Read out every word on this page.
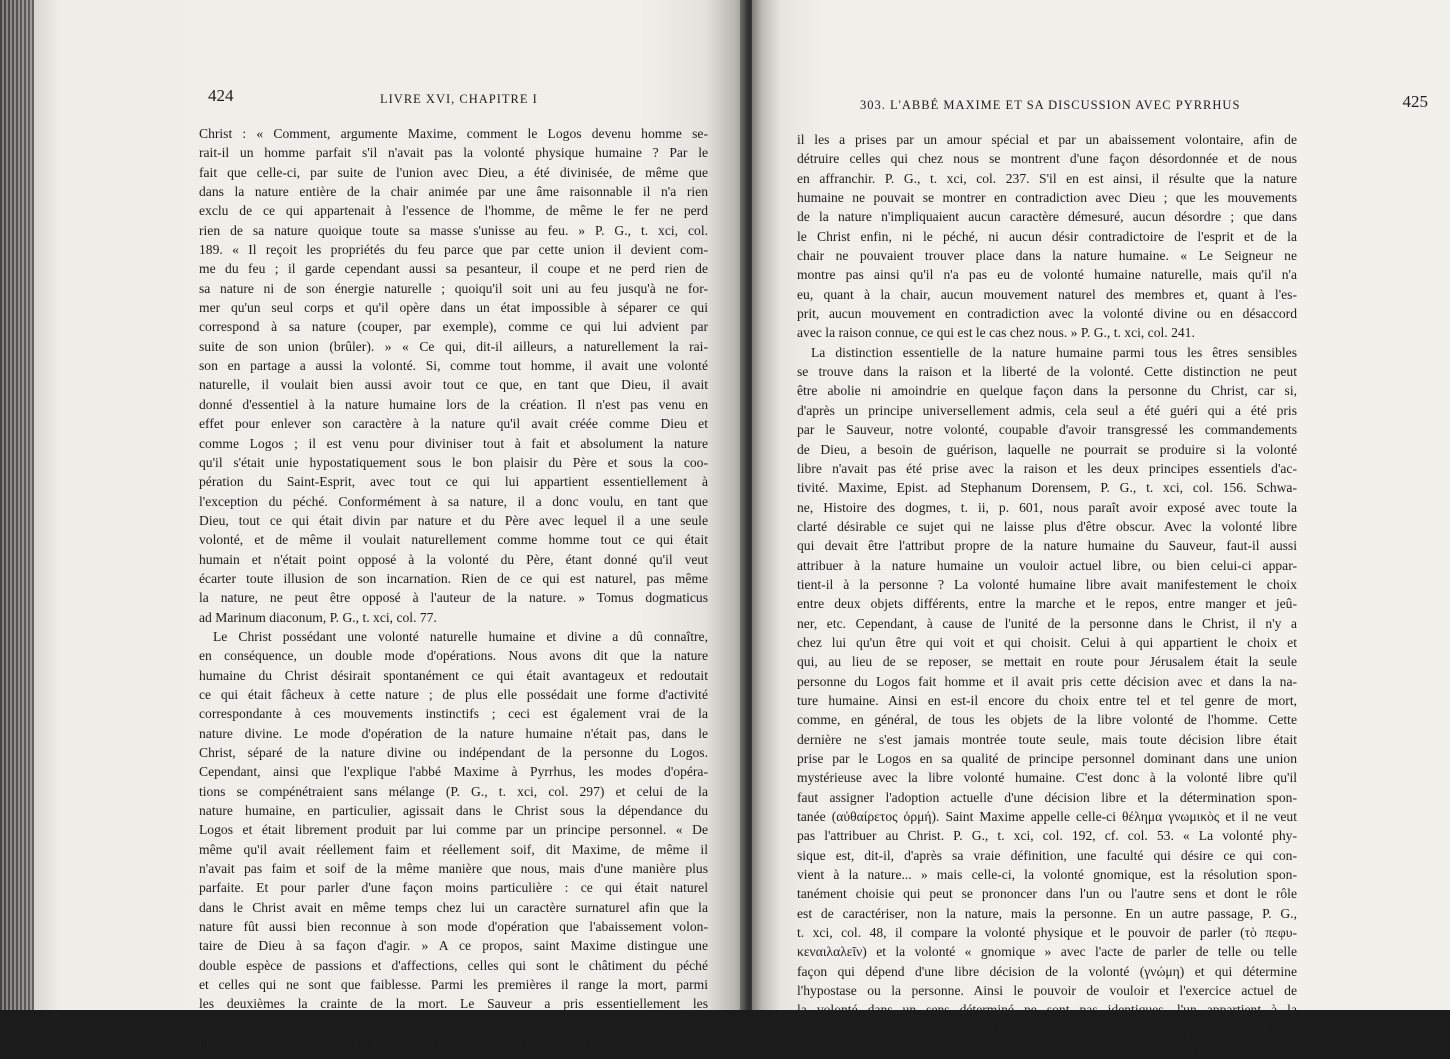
424	LIVRE XVI, CHAPITRE I
Christ : « Comment, argumente Maxime, comment le Logos devenu homme se-
rait-il un homme parfait s'il n'avait pas la volonté physique humaine ? Par le
fait que celle-ci, par suite de l'union avec Dieu, a été divinisée, de même que
dans la nature entière de la chair animée par une âme raisonnable il n'a rien
exclu de ce qui appartenait à l'essence de l'homme, de même le fer ne perd
rien de sa nature quoique toute sa masse s'unisse au feu. » P. G., t. xci, col.
189. « Il reçoit les propriétés du feu parce que par cette union il devient com-
me du feu ; il garde cependant aussi sa pesanteur, il coupe et ne perd rien de
sa nature ni de son énergie naturelle ; quoiqu'il soit uni au feu jusqu'à ne for-
mer qu'un seul corps et qu'il opère dans un état impossible à séparer ce qui
correspond à sa nature (couper, par exemple), comme ce qui lui advient par
suite de son union (brûler). » « Ce qui, dit-il ailleurs, a naturellement la rai-
son en partage a aussi la volonté. Si, comme tout homme, il avait une volonté
naturelle, il voulait bien aussi avoir tout ce que, en tant que Dieu, il avait
donné d'essentiel à la nature humaine lors de la création. Il n'est pas venu en
effet pour enlever son caractère à la nature qu'il avait créée comme Dieu et
comme Logos ; il est venu pour diviniser tout à fait et absolument la nature
qu'il s'était unie hypostatiquement sous le bon plaisir du Père et sous la coo-
pération du Saint-Esprit, avec tout ce qui lui appartient essentiellement à
l'exception du péché. Conformément à sa nature, il a donc voulu, en tant que
Dieu, tout ce qui était divin par nature et du Père avec lequel il a une seule
volonté, et de même il voulait naturellement comme homme tout ce qui était
humain et n'était point opposé à la volonté du Père, étant donné qu'il veut
écarter toute illusion de son incarnation. Rien de ce qui est naturel, pas même
la nature, ne peut être opposé à l'auteur de la nature. » Tomus dogmaticus
ad Marinum diaconum, P. G., t. xci, col. 77.
Le Christ possédant une volonté naturelle humaine et divine a dû connaître,
en conséquence, un double mode d'opérations. Nous avons dit que la nature
humaine du Christ désirait spontanément ce qui était avantageux et redoutait
ce qui était fâcheux à cette nature ; de plus elle possédait une forme d'activité
correspondante à ces mouvements instinctifs ; ceci est également vrai de la
nature divine. Le mode d'opération de la nature humaine n'était pas, dans le
Christ, séparé de la nature divine ou indépendant de la personne du Logos.
Cependant, ainsi que l'explique l'abbé Maxime à Pyrrhus, les modes d'opéra-
tions se compénétraient sans mélange (P. G., t. xci, col. 297) et celui de la
nature humaine, en particulier, agissait dans le Christ sous la dépendance du
Logos et était librement produit par lui comme par un principe personnel. « De
même qu'il avait réellement faim et réellement soif, dit Maxime, de même il
n'avait pas faim et soif de la même manière que nous, mais d'une manière plus
parfaite. Et pour parler d'une façon moins particulière : ce qui était naturel
dans le Christ avait en même temps chez lui un caractère surnaturel afin que la
nature fût aussi bien reconnue à son mode d'opération que l'abaissement volon-
taire de Dieu à sa façon d'agir. » A ce propos, saint Maxime distingue une
double espèce de passions et d'affections, celles qui sont le châtiment du péché
et celles qui ne sont que faiblesse. Parmi les premières il range la mort, parmi
les deuxièmes la crainte de la mort. Le Sauveur a pris essentiellement les
premières, il les a prises inséparablement de sa nature humaine, quoique li-
brement, afin d'opérer par cette libre acceptation notre salut ; pour les autres,
303. L'ABBÉ MAXIME ET SA DISCUSSION AVEC PYRRHUS	425
il les a prises par un amour spécial et par un abaissement volontaire, afin de
détruire celles qui chez nous se montrent d'une façon désordonnée et de nous
en affranchir. P. G., t. xci, col. 237. S'il en est ainsi, il résulte que la nature
humaine ne pouvait se montrer en contradiction avec Dieu ; que les mouvements
de la nature n'impliquaient aucun caractère démesuré, aucun désordre ; que dans
le Christ enfin, ni le péché, ni aucun désir contradictoire de l'esprit et de la
chair ne pouvaient trouver place dans la nature humaine. « Le Seigneur ne
montre pas ainsi qu'il n'a pas eu de volonté humaine naturelle, mais qu'il n'a
eu, quant à la chair, aucun mouvement naturel des membres et, quant à l'es-
prit, aucun mouvement en contradiction avec la volonté divine ou en désaccord
avec la raison connue, ce qui est le cas chez nous. » P. G., t. xci, col. 241.
La distinction essentielle de la nature humaine parmi tous les êtres sensibles
se trouve dans la raison et la liberté de la volonté. Cette distinction ne peut
être abolie ni amoindrie en quelque façon dans la personne du Christ, car si,
d'après un principe universellement admis, cela seul a été guéri qui a été pris
par le Sauveur, notre volonté, coupable d'avoir transgressé les commandements
de Dieu, a besoin de guérison, laquelle ne pourrait se produire si la volonté
libre n'avait pas été prise avec la raison et les deux principes essentiels d'ac-
tivité. Maxime, Epist. ad Stephanum Dorensem, P. G., t. xci, col. 156. Schwa-
ne, Histoire des dogmes, t. ii, p. 601, nous paraît avoir exposé avec toute la
clarté désirable ce sujet qui ne laisse plus d'être obscur. Avec la volonté libre
qui devait être l'attribut propre de la nature humaine du Sauveur, faut-il aussi
attribuer à la nature humaine un vouloir actuel libre, ou bien celui-ci appar-
tient-il à la personne ? La volonté humaine libre avait manifestement le choix
entre deux objets différents, entre la marche et le repos, entre manger et jeû-
ner, etc. Cependant, à cause de l'unité de la personne dans le Christ, il n'y a
chez lui qu'un être qui voit et qui choisit. Celui à qui appartient le choix et
qui, au lieu de se reposer, se mettait en route pour Jérusalem était la seule
personne du Logos fait homme et il avait pris cette décision avec et dans la na-
ture humaine. Ainsi en est-il encore du choix entre tel et tel genre de mort,
comme, en général, de tous les objets de la libre volonté de l'homme. Cette
dernière ne s'est jamais montrée toute seule, mais toute décision libre était
prise par le Logos en sa qualité de principe personnel dominant dans une union
mystérieuse avec la libre volonté humaine. C'est donc à la volonté libre qu'il
faut assigner l'adoption actuelle d'une décision libre et la détermination spon-
tanée (αὐθαίρετος ὁρμή). Saint Maxime appelle celle-ci θέλημα γνωμικὸς et il ne veut
pas l'attribuer au Christ. P. G., t. xci, col. 192, cf. col. 53. « La volonté phy-
sique est, dit-il, d'après sa vraie définition, une faculté qui désire ce qui con-
vient à la nature... » mais celle-ci, la volonté gnomique, est la résolution spon-
tanément choisie qui peut se prononcer dans l'un ou l'autre sens et dont le rôle
est de caractériser, non la nature, mais la personne. En un autre passage, P. G.,
t. xci, col. 48, il compare la volonté physique et le pouvoir de parler (τὸ πεφυ-
κεναιλαλεῖν) et la volonté « gnomique » avec l'acte de parler de telle ou telle
façon qui dépend d'une libre décision de la volonté (γνώμη) et qui détermine
l'hypostase ou la personne. Ainsi le pouvoir de vouloir et l'exercice actuel de
la volonté dans un sens déterminé ne sont pas identiques, l'un appartient à la
nature, l'autre à la décision de celui qui veut (τῆς τοῦ θέλοντος βουλῆς). Le Logos
devenu homme avait donc comme homme le pouvoir de vouloir, mais un pou-
